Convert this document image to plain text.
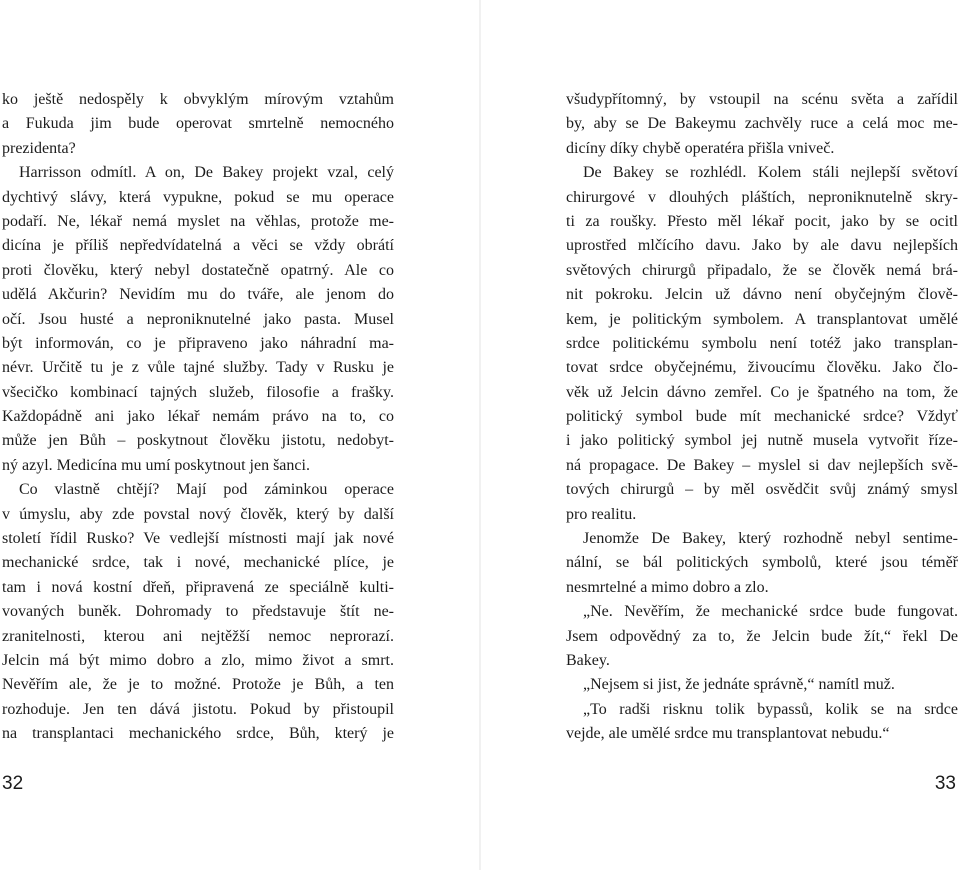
ko ještě nedospěly k obvyklým mírovým vztahům
a Fukuda jim bude operovat smrtelně nemocného
prezidenta?
Harrisson odmítl. A on, De Bakey projekt vzal, celý
dychtivý slávy, která vypukne, pokud se mu operace
podaří. Ne, lékař nemá myslet na věhlas, protože me-
dicína je příliš nepředvídatelná a věci se vždy obrátí
proti člověku, který nebyl dostatečně opatrný. Ale co
udělá Akčurin? Nevidím mu do tváře, ale jenom do
očí. Jsou husté a neproniknutelné jako pasta. Musel
být informován, co je připraveno jako náhradní ma-
névr. Určitě tu je z vůle tajné služby. Tady v Rusku je
všecičko kombinací tajných služeb, filosofie a frašky.
Každopádně ani jako lékař nemám právo na to, co
může jen Bůh – poskytnout člověku jistotu, nedobyt-
ný azyl. Medicína mu umí poskytnout jen šanci.
Co vlastně chtějí? Mají pod záminkou operace
v úmyslu, aby zde povstal nový člověk, který by další
století řídil Rusko? Ve vedlejší místnosti mají jak nové
mechanické srdce, tak i nové, mechanické plíce, je
tam i nová kostní dřeň, připravená ze speciálně kulti-
vovaných buněk. Dohromady to představuje štít ne-
zranitelnosti, kterou ani nejtěžší nemoc neprorazí.
Jelcin má být mimo dobro a zlo, mimo život a smrt.
Nevěřím ale, že je to možné. Protože je Bůh, a ten
rozhoduje. Jen ten dává jistotu. Pokud by přistoupil
na transplantaci mechanického srdce, Bůh, který je
32
všudypřítomný, by vstoupil na scénu světa a zařídil
by, aby se De Bakeymu zachvěly ruce a celá moc me-
dicíny díky chybě operatéra přišla vniveč.
De Bakey se rozhlédl. Kolem stáli nejlepší světoví
chirurgové v dlouhých pláštích, neproniknutelně skry-
ti za roušky. Přesto měl lékař pocit, jako by se ocitl
uprostřed mlčícího davu. Jako by ale davu nejlepších
světových chirurgů připadalo, že se člověk nemá brá-
nit pokroku. Jelcin už dávno není obyčejným člově-
kem, je politickým symbolem. A transplantovat umělé
srdce politickému symbolu není totéž jako transplan-
tovat srdce obyčejnému, živoucímu člověku. Jako člo-
věk už Jelcin dávno zemřel. Co je špatného na tom, že
politický symbol bude mít mechanické srdce? Vždyť
i jako politický symbol jej nutně musela vytvořit řízе-
ná propagace. De Bakey – myslel si dav nejlepších svě-
tových chirurgů – by měl osvědčit svůj známý smysl
pro realitu.
Jenomže De Bakey, který rozhodně nebyl sentime-
nální, se bál politických symbolů, které jsou téměř
nesmrtelné a mimo dobro a zlo.
„Ne. Nevěřím, že mechanické srdce bude fungovat.
Jsem odpovědný za to, že Jelcin bude žít,“ řekl De
Bakey.
„Nejsem si jist, že jednáte správně,“ namítl muž.
„To radši risknu tolik bypassů, kolik se na srdce
vejde, ale umělé srdce mu transplantovat nebudu.“
33
